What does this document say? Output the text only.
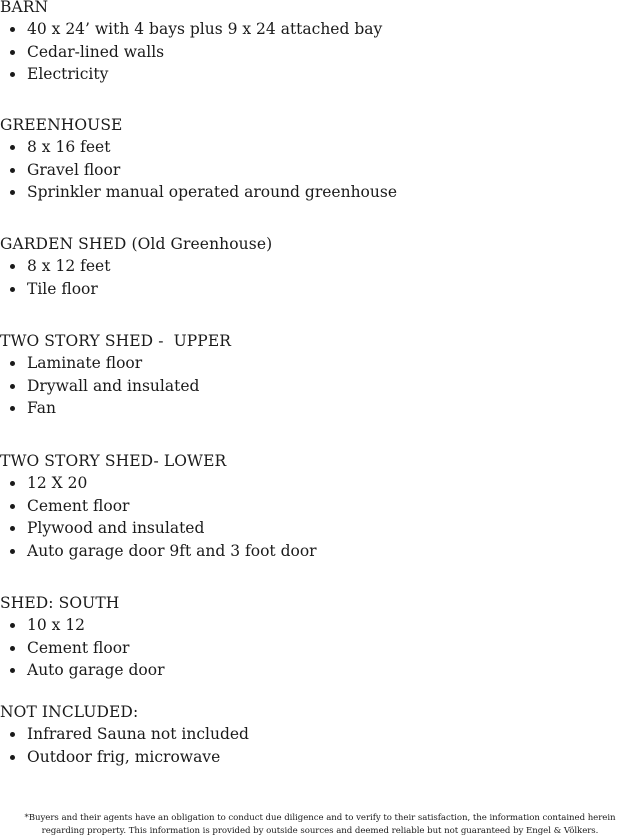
BARN

40 x 24’ with 4 bays plus 9 x 24 attached bay
Cedar-lined walls
Electricity

GREENHOUSE

8 x 16 feet
Gravel floor
Sprinkler manual operated around greenhouse

GARDEN SHED (Old Greenhouse)

8 x 12 feet
Tile floor

TWO STORY SHED -  UPPER

Laminate floor
Drywall and insulated
Fan

TWO STORY SHED- LOWER

12 X 20
Cement floor
Plywood and insulated
Auto garage door 9ft and 3 foot door

SHED: SOUTH

10 x 12
Cement floor
Auto garage door

NOT INCLUDED:

Infrared Sauna not included
Outdoor frig, microwave
*Buyers and their agents have an obligation to conduct due diligence and to verify to their satisfaction, the information contained herein
regarding property. This information is provided by outside sources and deemed reliable but not guaranteed by Engel & Völkers.
